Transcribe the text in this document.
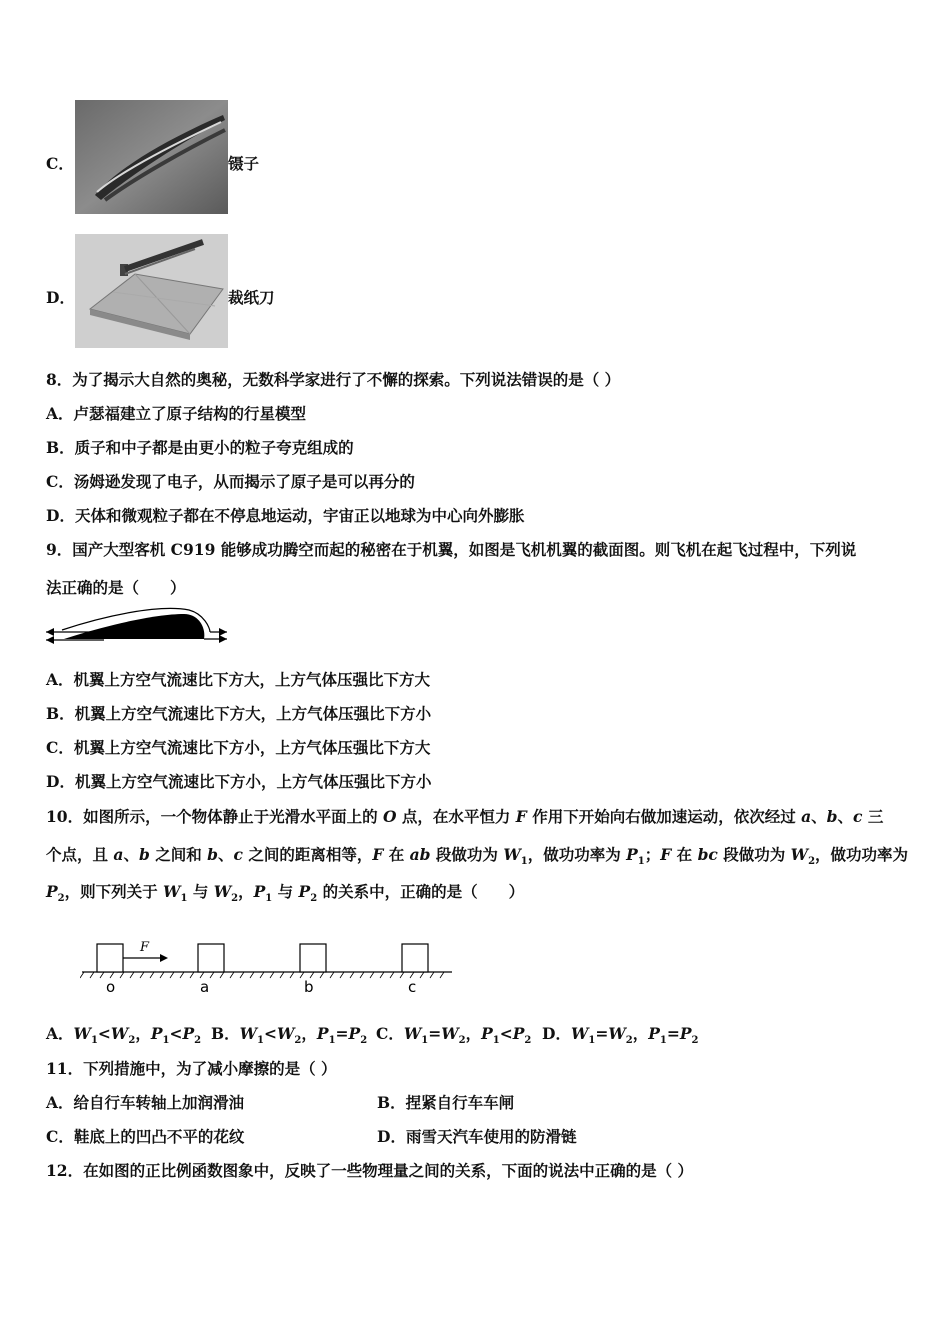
C．	镊子
D．	裁纸刀
8．为了揭示大自然的奥秘，无数科学家进行了不懈的探索。下列说法错误的是（ ）
A．卢瑟福建立了原子结构的行星模型
B．质子和中子都是由更小的粒子夸克组成的
C．汤姆逊发现了电子，从而揭示了原子是可以再分的
D．天体和微观粒子都在不停息地运动，宇宙正以地球为中心向外膨胀
9．国产大型客机 C919 能够成功腾空而起的秘密在于机翼，如图是飞机机翼的截面图。则飞机在起飞过程中，下列说
法正确的是（　　）
A．机翼上方空气流速比下方大，上方气体压强比下方大
B．机翼上方空气流速比下方大，上方气体压强比下方小
C．机翼上方空气流速比下方小，上方气体压强比下方大
D．机翼上方空气流速比下方小，上方气体压强比下方小
10．如图所示，一个物体静止于光滑水平面上的 O 点，在水平恒力 F 作用下开始向右做加速运动，依次经过 a、b、c 三
个点，且 a、b 之间和 b、c 之间的距离相等，F 在 ab 段做功为 $W_1$，做功功率为 $P_1$；F 在 bc 段做功为 $W_2$，做功功率为
$P_2$，则下列关于 $W_1$ 与 $W_2$，$P_1$ 与 $P_2$ 的关系中，正确的是（　　）
F
o	a	b	c
A．$W_1<W_2$，$P_1<P_2$ B．$W_1<W_2$，$P_1=P_2$ C．$W_1=W_2$，$P_1<P_2$ D．$W_1=W_2$，$P_1=P_2$
11．下列措施中，为了减小摩擦的是（ ）
A．给自行车转轴上加润滑油	B．捏紧自行车车闸
C．鞋底上的凹凸不平的花纹	D．雨雪天汽车使用的防滑链
12．在如图的正比例函数图象中，反映了一些物理量之间的关系，下面的说法中正确的是（ ）
